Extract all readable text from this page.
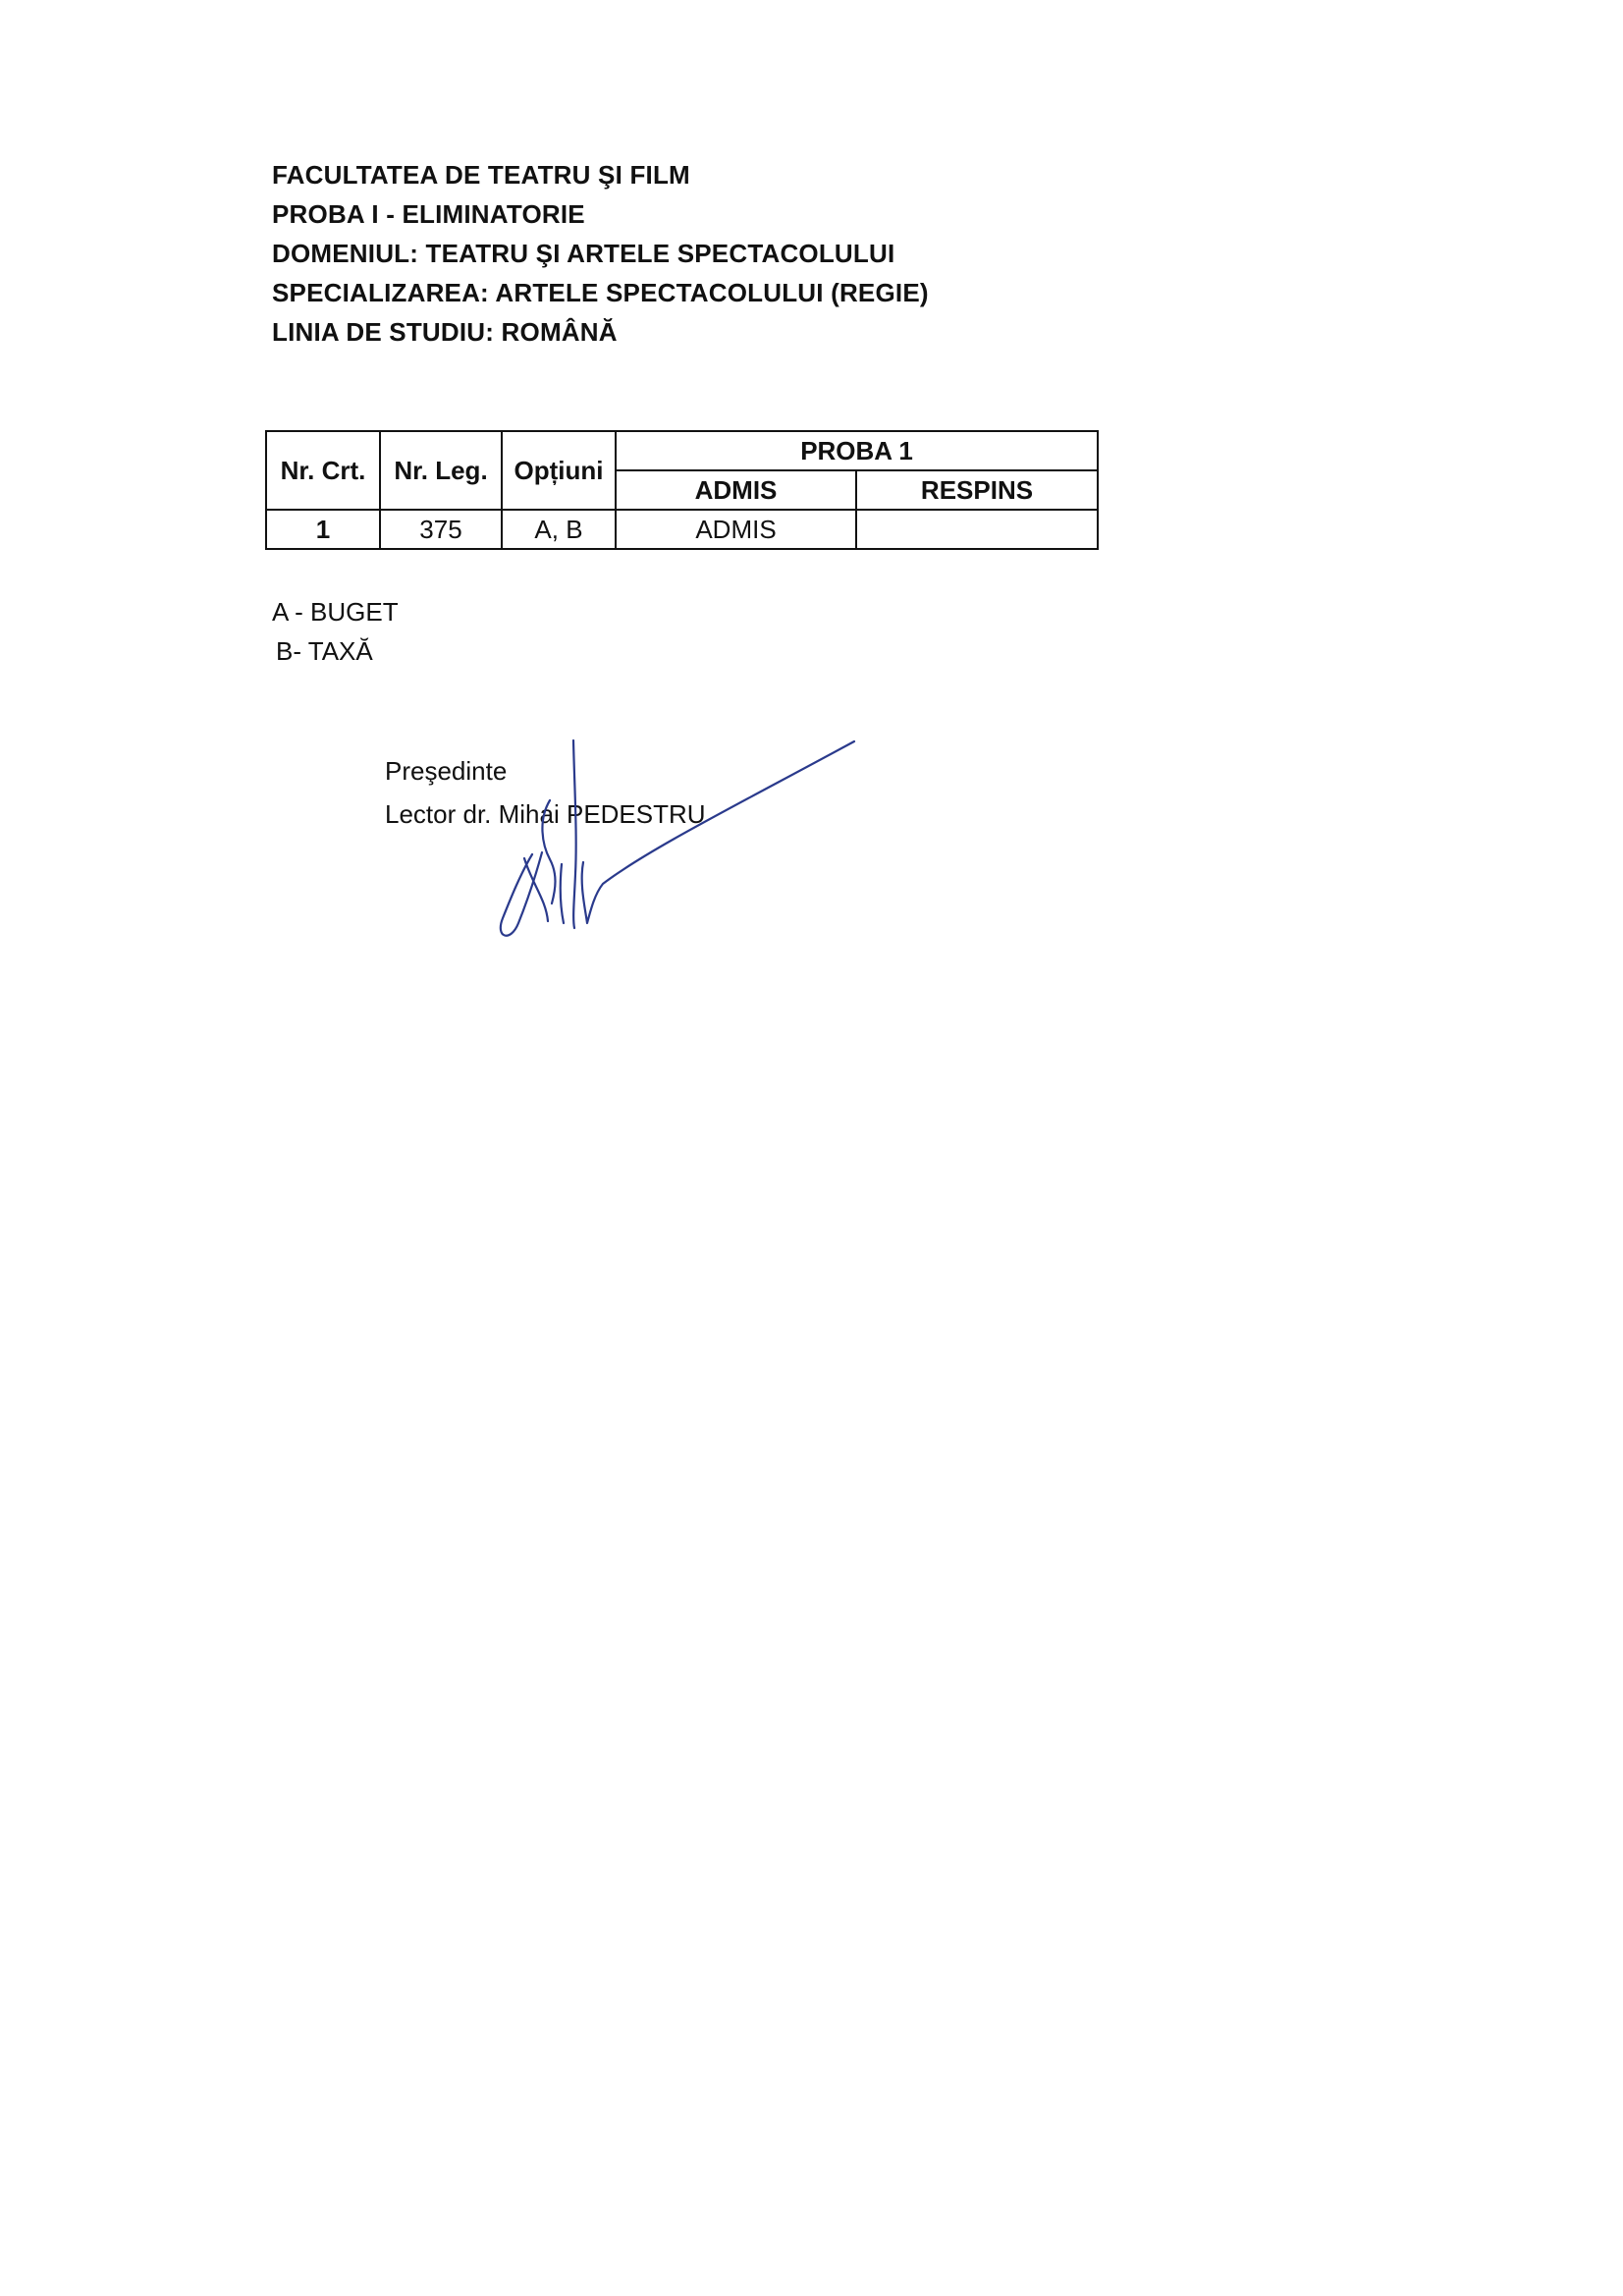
FACULTATEA DE TEATRU ŞI FILM
PROBA I - ELIMINATORIE
DOMENIUL: TEATRU ŞI ARTELE SPECTACOLULUI
SPECIALIZAREA: ARTELE SPECTACOLULUI (REGIE)
LINIA DE STUDIU: ROMÂNĂ
Nr. Crt.	Nr. Leg.	Opțiuni	PROBA 1	
			ADMIS	RESPINS
1	375	A, B	ADMIS	
A - BUGET
B- TAXĂ
Preşedinte
Lector dr. Mihai PEDESTRU
